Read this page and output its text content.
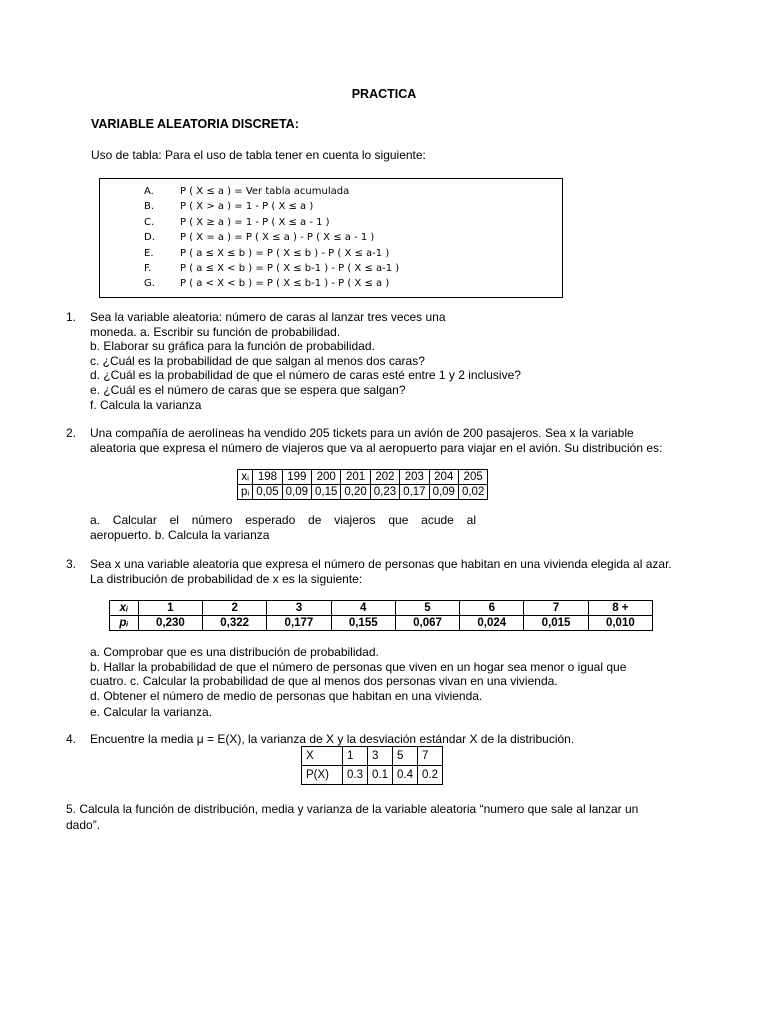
PRACTICA
VARIABLE ALEATORIA DISCRETA:
Uso de tabla: Para el uso de tabla tener en cuenta lo siguiente:
A.	P ( X ≤ a ) = Ver tabla acumulada
B.	P ( X > a ) = 1 - P ( X ≤ a )
C.	P ( X ≥ a ) = 1 - P ( X ≤ a - 1 )
D.	P ( X = a ) = P ( X ≤ a ) - P ( X ≤ a - 1 )
E.	P ( a ≤ X ≤ b ) = P ( X ≤ b ) - P ( X ≤ a-1 )
F.	P ( a ≤ X < b ) = P ( X ≤ b-1 ) - P ( X ≤ a-1 )
G.	P ( a < X < b ) = P ( X ≤ b-1 ) - P ( X ≤ a )
1. Sea la variable aleatoria: número de caras al lanzar tres veces una
moneda. a. Escribir su función de probabilidad.
b. Elaborar su gráfica para la función de probabilidad.
c. ¿Cuál es la probabilidad de que salgan al menos dos caras?
d. ¿Cuál es la probabilidad de que el número de caras esté entre 1 y 2 inclusive?
e. ¿Cuál es el número de caras que se espera que salgan?
f. Calcula la varianza
2. Una compañía de aerolíneas ha vendido 205 tickets para un avión de 200 pasajeros. Sea x la variable
aleatoria que expresa el número de viajeros que va al aeropuerto para viajar en el avión. Su distribución es:
xᵢ	198	199	200	201	202	203	204	205
pᵢ	0,05	0,09	0,15	0,20	0,23	0,17	0,09	0,02
a. Calcular el número esperado de viajeros que acude al
aeropuerto. b. Calcula la varianza
3. Sea x una variable aleatoria que expresa el número de personas que habitan en una vivienda elegida al azar.
La distribución de probabilidad de x es la siguiente:
xᵢ	1	2	3	4	5	6	7	8 +
pᵢ	0,230	0,322	0,177	0,155	0,067	0,024	0,015	0,010
a. Comprobar que es una distribución de probabilidad.
b. Hallar la probabilidad de que el número de personas que viven en un hogar sea menor o igual que
cuatro. c. Calcular la probabilidad de que al menos dos personas vivan en una vivienda.
d. Obtener el número de medio de personas que habitan en una vivienda.
e. Calcular la varianza.
4. Encuentre la media μ = E(X), la varianza de X y la desviación estándar X de la distribución.
X	1	3	5	7
P(X)	0.3	0.1	0.4	0.2
5. Calcula la función de distribución, media y varianza de la variable aleatoria “numero que sale al lanzar un
dado”.
